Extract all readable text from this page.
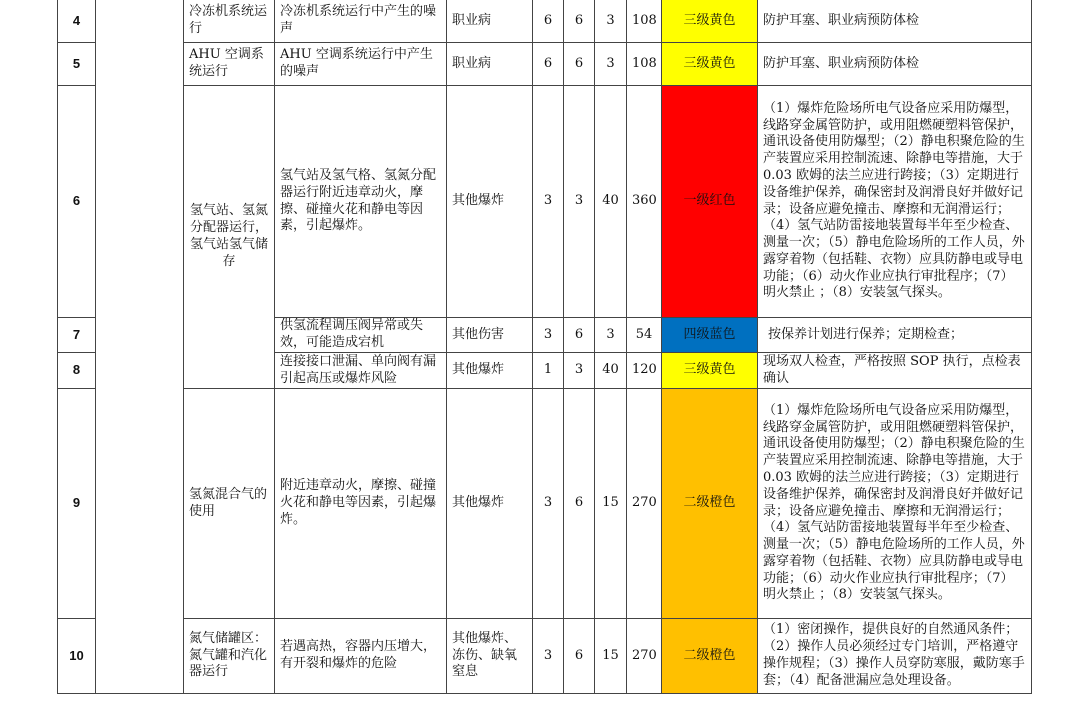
4		冷冻机系统运行	冷冻机系统运行中产生的噪声	职业病	6	6	3	108	三级黄色	防护耳塞、职业病预防体检
5		AHU 空调系统运行	AHU 空调系统运行中产生的噪声	职业病	6	6	3	108	三级黄色	防护耳塞、职业病预防体检
6		氢气站、氢氮分配器运行，氢气站氢气储存	氢气站及氢气格、氢氮分配器运行附近违章动火，摩擦、碰撞火花和静电等因素，引起爆炸。	其他爆炸	3	3	40	360	一级红色	（1）爆炸危险场所电气设备应采用防爆型，线路穿金属管防护，或用阻燃硬塑料管保护，通讯设备使用防爆型；（2）静电积聚危险的生产装置应采用控制流速、除静电等措施，大于 0.03 欧姆的法兰应进行跨接；（3）定期进行设备维护保养，确保密封及润滑良好并做好记录；设备应避免撞击、摩擦和无润滑运行；（4）氢气站防雷接地装置每半年至少检查、测量一次；（5）静电危险场所的工作人员，外露穿着物（包括鞋、衣物）应具防静电或导电功能；（6）动火作业应执行审批程序；（7）明火禁止 ；（8）安装氢气探头。
7			供氢流程调压阀异常或失效，可能造成宕机	其他伤害	3	6	3	54	四级蓝色	按保养计划进行保养；定期检查；
8			连接接口泄漏、单向阀有漏引起高压或爆炸风险	其他爆炸	1	3	40	120	三级黄色	现场双人检查，严格按照 SOP 执行，点检表确认
9		氢氮混合气的使用	附近违章动火，摩擦、碰撞火花和静电等因素，引起爆炸。	其他爆炸	3	6	15	270	二级橙色	（1）爆炸危险场所电气设备应采用防爆型，线路穿金属管防护，或用阻燃硬塑料管保护，通讯设备使用防爆型；（2）静电积聚危险的生产装置应采用控制流速、除静电等措施，大于 0.03 欧姆的法兰应进行跨接；（3）定期进行设备维护保养，确保密封及润滑良好并做好记录；设备应避免撞击、摩擦和无润滑运行；（4）氢气站防雷接地装置每半年至少检查、测量一次；（5）静电危险场所的工作人员，外露穿着物（包括鞋、衣物）应具防静电或导电功能；（6）动火作业应执行审批程序；（7）明火禁止 ；（8）安装氢气探头。
10		氮气储罐区：氮气罐和汽化器运行	若遇高热，容器内压增大，有开裂和爆炸的危险	其他爆炸、冻伤、缺氧窒息	3	6	15	270	二级橙色	（1）密闭操作，提供良好的自然通风条件；（2）操作人员必须经过专门培训，严格遵守操作规程；（3）操作人员穿防寒服，戴防寒手套；（4）配备泄漏应急处理设备。
